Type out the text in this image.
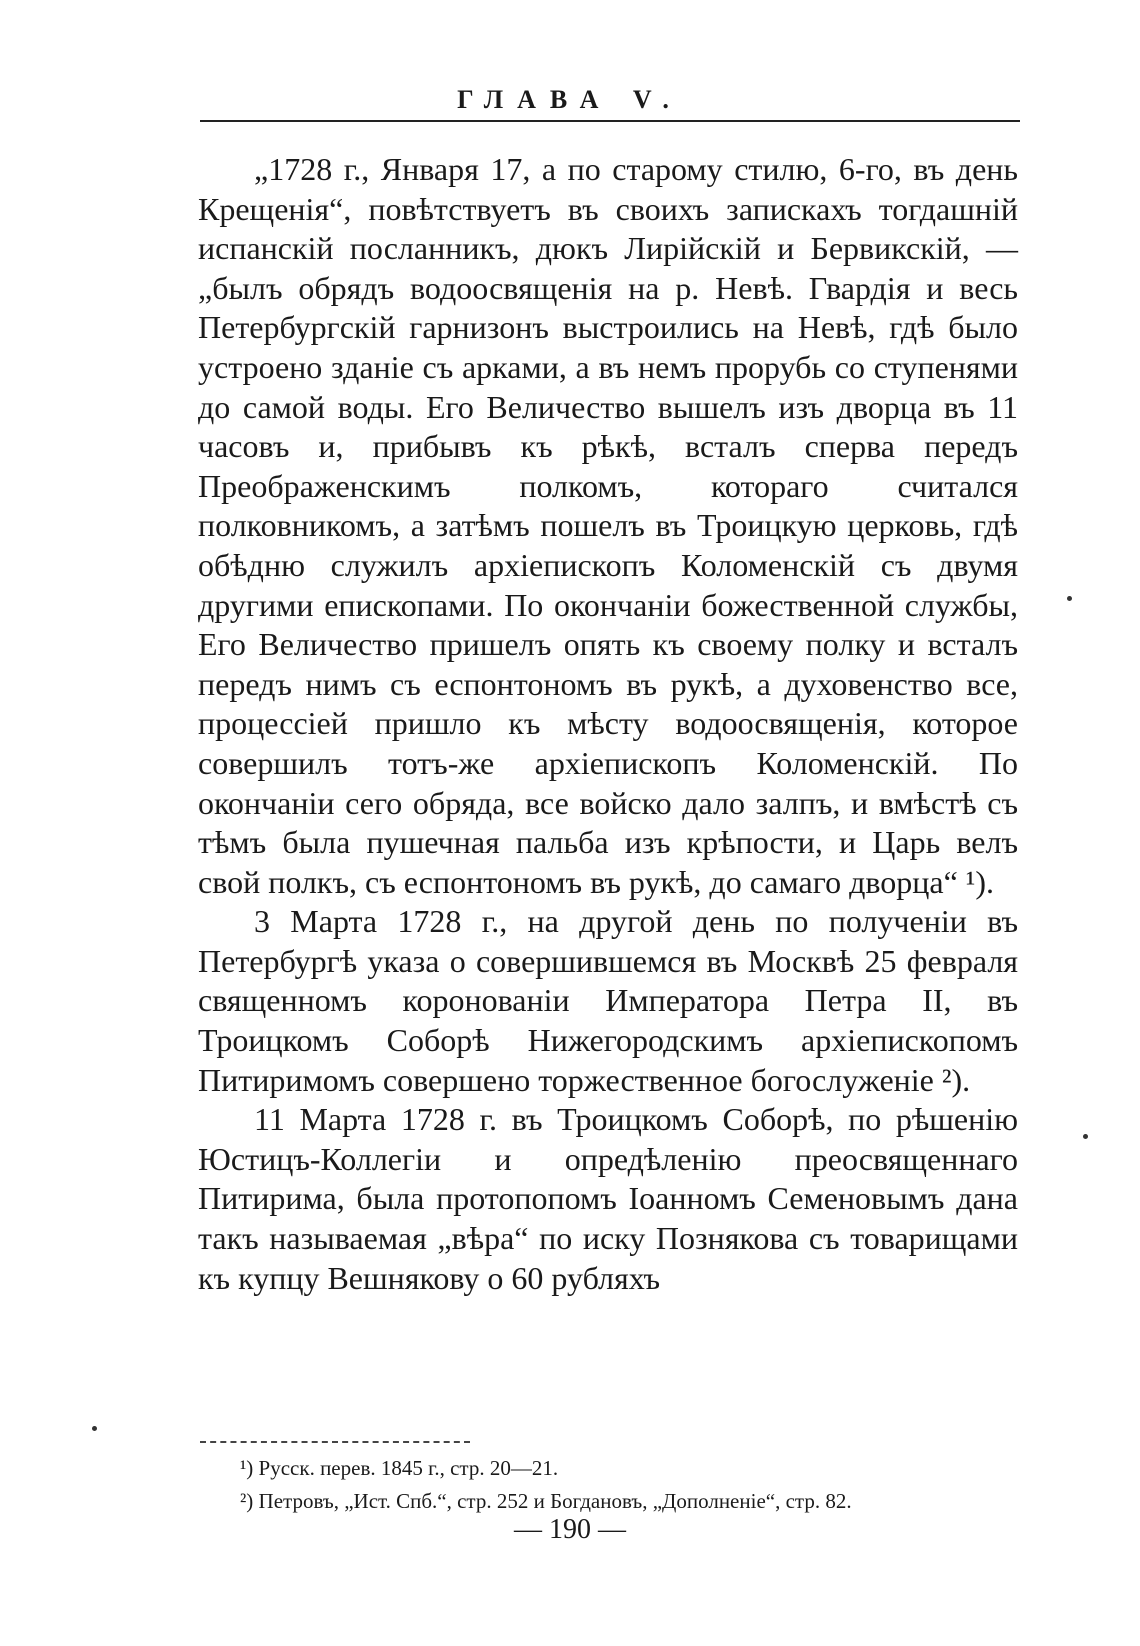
ГЛАВА V.

„1728 г., Января 17, а по старому стилю, 6-го, въ день Крещенія“, повѣтствуетъ въ своихъ запискахъ тогдашній испанскій посланникъ, дюкъ Лирійскій и Бервикскій, — „былъ обрядъ водоосвященія на р. Невѣ. Гвардія и весь Петербургскій гарнизонъ выстроились на Невѣ, гдѣ было устроено зданіе съ арками, а въ немъ прорубь со ступенями до самой воды. Его Величество вышелъ изъ дворца въ 11 часовъ и, прибывъ къ рѣкѣ, всталъ сперва передъ Преображенскимъ полкомъ, котораго считался полковникомъ, а затѣмъ пошелъ въ Троицкую церковь, гдѣ обѣдню служилъ архіепископъ Коломенскій съ двумя другими епископами. По окончаніи божественной службы, Его Величество пришелъ опять къ своему полку и всталъ передъ нимъ съ еспонтономъ въ рукѣ, а духовенство все, процессіей пришло къ мѣсту водоосвященія, которое совершилъ тотъ-же архіепископъ Коломенскій. По окончаніи сего обряда, все войско дало залпъ, и вмѣстѣ съ тѣмъ была пушечная пальба изъ крѣпости, и Царь велъ свой полкъ, съ еспонтономъ въ рукѣ, до самаго дворца“ ¹).

3 Марта 1728 г., на другой день по полученіи въ Петербургѣ указа о совершившемся въ Москвѣ 25 февраля священномъ коронованіи Императора Петра II, въ Троицкомъ Соборѣ Нижегородскимъ архіепископомъ Питиримомъ совершено торжественное богослуженіе ²).

11 Марта 1728 г. въ Троицкомъ Соборѣ, по рѣшенію Юстицъ-Коллегіи и опредѣленію преосвященнаго Питирима, была протопопомъ Іоанномъ Семеновымъ дана такъ называемая „вѣра“ по иску Познякова съ товарищами къ купцу Вешнякову о 60 рубляхъ

¹) Русск. перев. 1845 г., стр. 20—21.
²) Петровъ, „Ист. Спб.“, стр. 252 и Богдановъ, „Дополненіе“, стр. 82.
— 190 —
